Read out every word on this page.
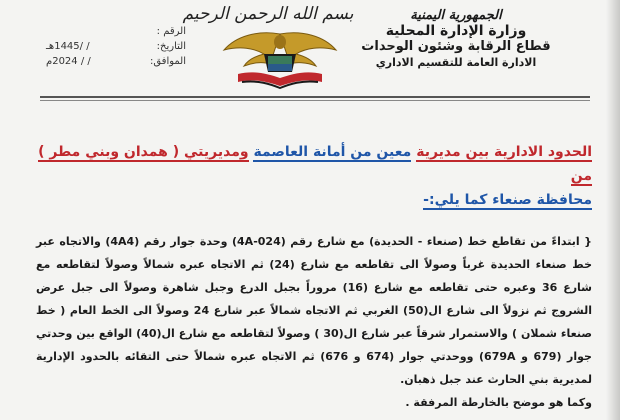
بسم الله الرحمن الرحيم	الجمهورية اليمنية
وزارة الإدارة المحلية
قطاع الرقابة وشئون الوحدات
الادارة العامة للتقسيم الاداري
الرقم :
التاريخ:
/ /1445هـ
الموافق:
/ / 2024م
الحدود الادارية بين مديرية معين من أمانة العاصمة ومديريتي ( همدان وبني مطر ) من
محافظة صنعاء كما يلي:-

{ ابتداءً من تقاطع خط (صنعاء - الحديدة) مع شارع رقم (4A-024) وحدة جوار رقم (4A4) والاتجاه عبر خط صنعاء الحديدة غرباً وصولاً الى تقاطعه مع شارع (24) ثم الاتجاه عبره شمالاً وصولاً لتقاطعه مع شارع 36 وعبره حتى تقاطعه مع شارع (16) مروراً بجبل الدرع وجبل شاهرة وصولاً الى جبل عرض الشروج ثم نزولاً الى شارع ال(50) الغربي ثم الاتجاه شمالاً عبر شارع 24 وصولاً الى الخط العام ( خط صنعاء شملان ) والاستمرار شرقاً عبر شارع ال(30 ) وصولاً لتقاطعه مع شارع ال(40) الواقع بين وحدتي جوار (679 و 679A) ووحدتي جوار (674 و 676) ثم الاتجاه عبره شمالاً حتى التقائه بالحدود الإدارية لمديرية بني الحارث عند جبل ذهبان.

وكما هو موضح بالخارطة المرفقة .
